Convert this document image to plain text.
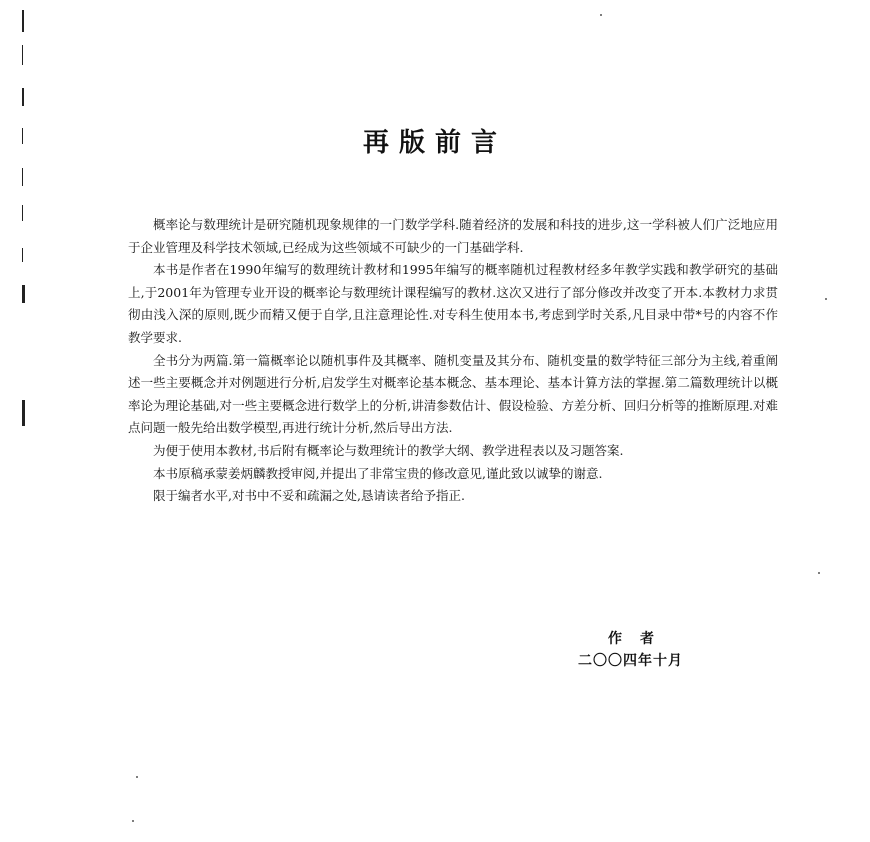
再版前言

概率论与数理统计是研究随机现象规律的一门数学学科.随着经济的发展和科技的进步,这一学科被人们广泛地应用于企业管理及科学技术领域,已经成为这些领域不可缺少的一门基础学科.

本书是作者在1990年编写的数理统计教材和1995年编写的概率随机过程教材经多年教学实践和教学研究的基础上,于2001年为管理专业开设的概率论与数理统计课程编写的教材.这次又进行了部分修改并改变了开本.本教材力求贯彻由浅入深的原则,既少而精又便于自学,且注意理论性.对专科生使用本书,考虑到学时关系,凡目录中带*号的内容不作教学要求.

全书分为两篇.第一篇概率论以随机事件及其概率、随机变量及其分布、随机变量的数学特征三部分为主线,着重阐述一些主要概念并对例题进行分析,启发学生对概率论基本概念、基本理论、基本计算方法的掌握.第二篇数理统计以概率论为理论基础,对一些主要概念进行数学上的分析,讲清参数估计、假设检验、方差分析、回归分析等的推断原理.对难点问题一般先给出数学模型,再进行统计分析,然后导出方法.

为便于使用本教材,书后附有概率论与数理统计的教学大纲、教学进程表以及习题答案.

本书原稿承蒙姜炳麟教授审阅,并提出了非常宝贵的修改意见,谨此致以诚挚的谢意.

限于编者水平,对书中不妥和疏漏之处,恳请读者给予指正.

作者
二〇〇四年十月
